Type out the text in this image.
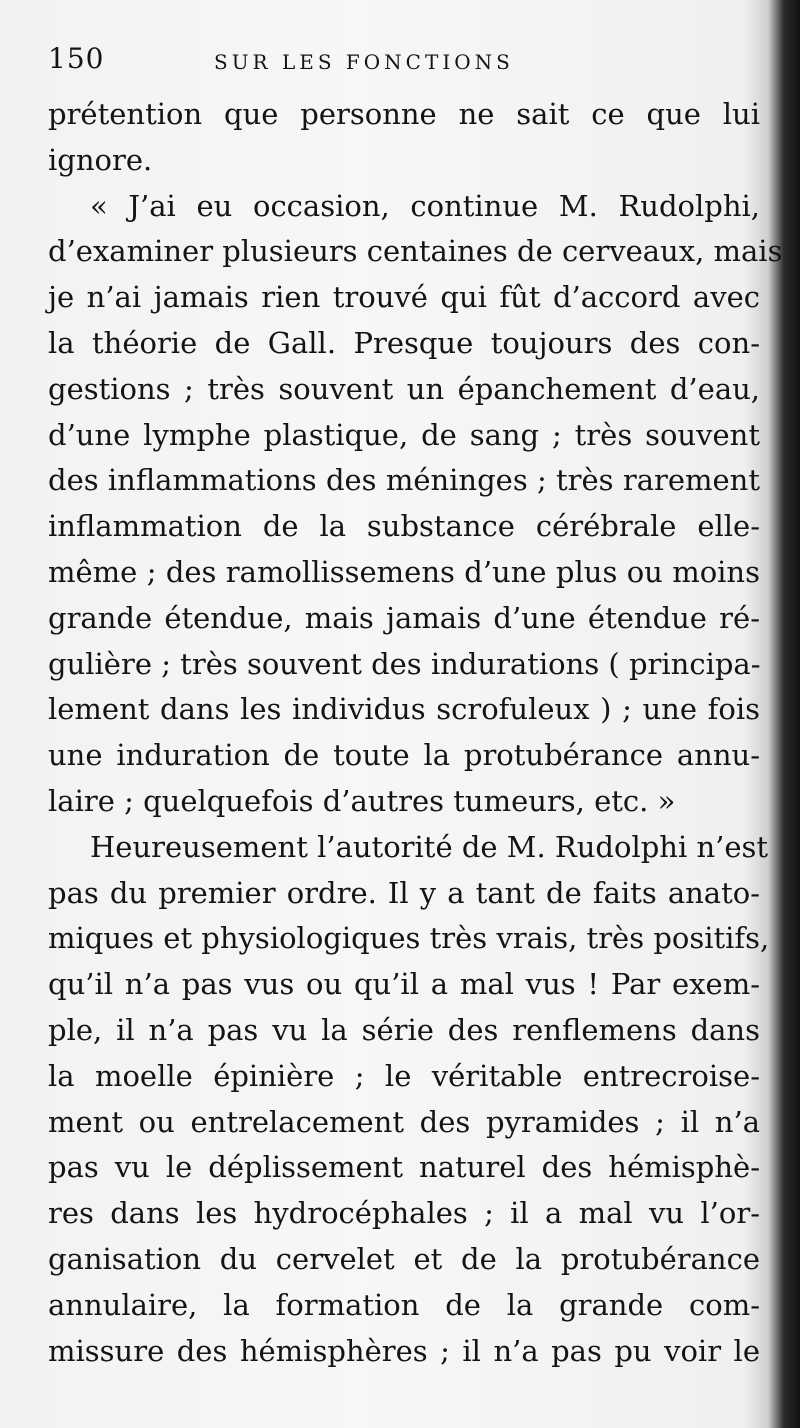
150	SUR LES FONCTIONS
prétention que personne ne sait ce que lui
ignore.
« J’ai eu occasion, continue M. Rudolphi,
d’examiner plusieurs centaines de cerveaux, mais
je n’ai jamais rien trouvé qui fût d’accord avec
la théorie de Gall. Presque toujours des con-
gestions ; très souvent un épanchement d’eau,
d’une lymphe plastique, de sang ; très souvent
des inflammations des méninges ; très rarement
inflammation de la substance cérébrale elle-
même ; des ramollissemens d’une plus ou moins
grande étendue, mais jamais d’une étendue ré-
gulière ; très souvent des indurations ( principa-
lement dans les individus scrofuleux ) ; une fois
une induration de toute la protubérance annu-
laire ; quelquefois d’autres tumeurs, etc. »
Heureusement l’autorité de M. Rudolphi n’est
pas du premier ordre. Il y a tant de faits anato-
miques et physiologiques très vrais, très positifs,
qu’il n’a pas vus ou qu’il a mal vus ! Par exem-
ple, il n’a pas vu la série des renflemens dans
la moelle épinière ; le véritable entrecroise-
ment ou entrelacement des pyramides ; il n’a
pas vu le déplissement naturel des hémisphè-
res dans les hydrocéphales ; il a mal vu l’or-
ganisation du cervelet et de la protubérance
annulaire, la formation de la grande com-
missure des hémisphères ; il n’a pas pu voir le
